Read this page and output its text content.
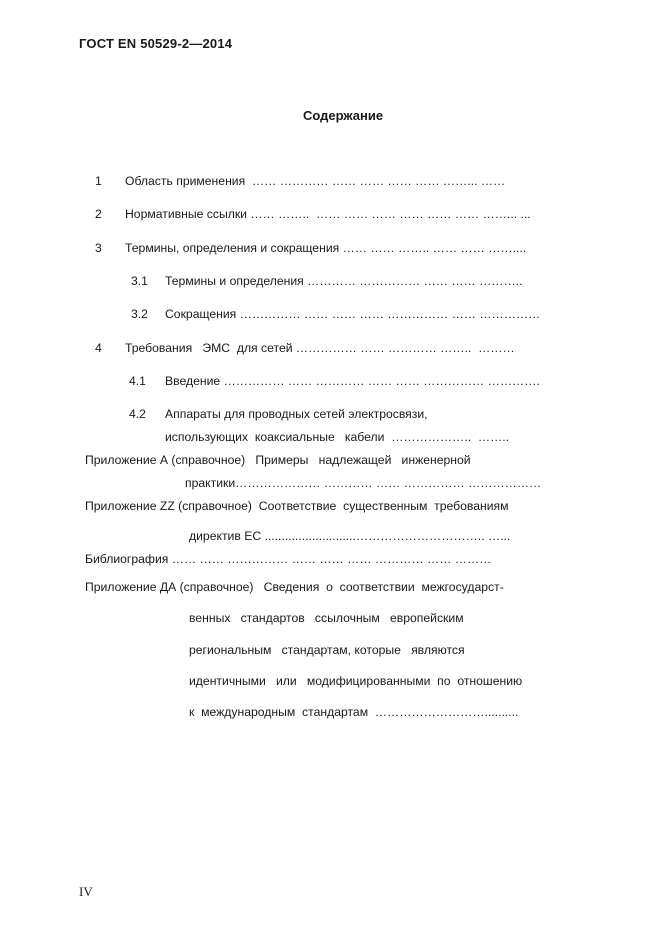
ГОСТ EN 50529-2—2014
Содержание
1 Область применения  …… ………… …… …… …… …… ……... ……
2 Нормативные ссылки …… ……..  …… …… …… …… …… …… ……... ...
3 Термины, определения и сокращения …… …… …….. …… …… ……....
3.1 Термины и определения ………… …………… …… …… ………..
3.2 Сокращения …………… …… …… …… …………… …… ……………
4 Требования   ЭМС  для сетей …………… …… ………… ……..  ………
4.1 Введение …………… …… ………… …… …… …………… ………….
4.2 Аппараты для проводных сетей электросвязи,
использующих  коаксиальные   кабели  ………………..  ……..
Приложение А (справочное)   Примеры   надлежащей   инженерной
практики………………… ………… …… …………… ………………
Приложение ZZ (справочное)  Соответствие  существенным  требованиям
директив ЕС ...........................………………………….. …...
Библиография …… …… …………… …… …… …… ………… …… ………
Приложение ДА (справочное)   Сведения  о  соответствии  межгосударст-
венных   стандартов   ссылочным   европейским
региональным   стандартам, которые   являются
идентичными   или   модифицированными  по  отношению
к  международным  стандартам  ………………………..........
IV
